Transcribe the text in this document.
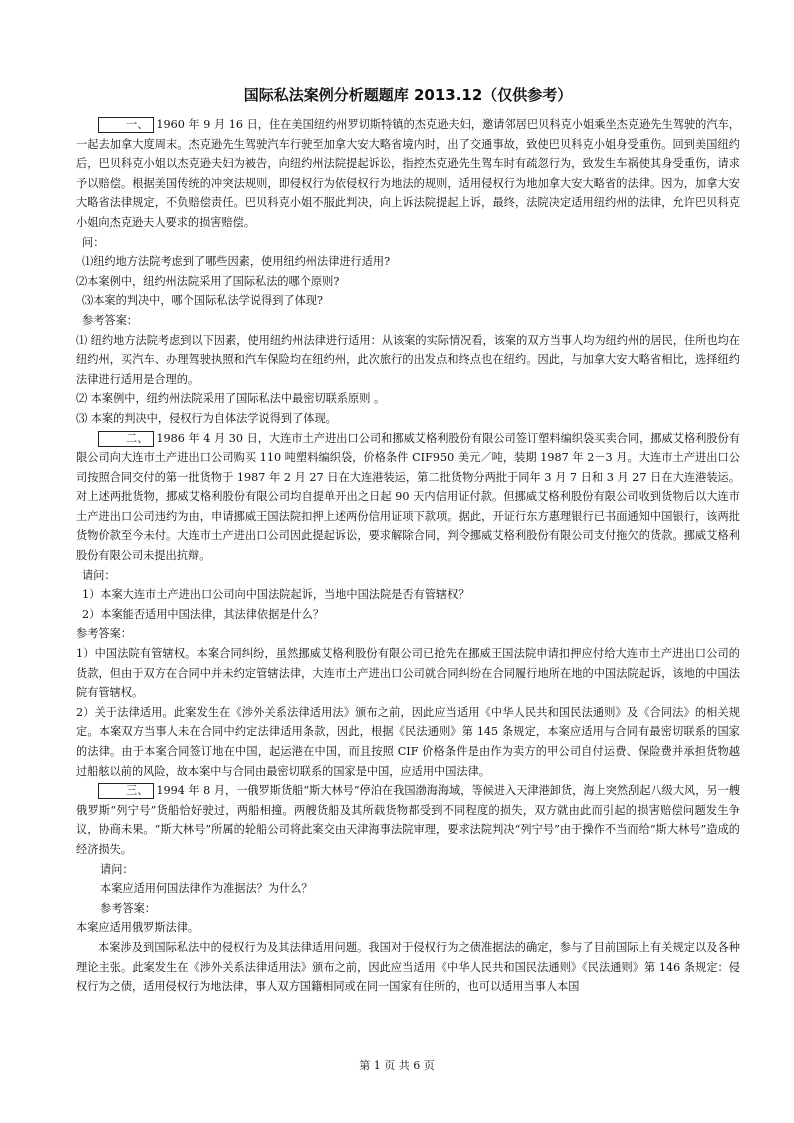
国际私法案例分析题题库 2013.12（仅供参考）

一、 1960 年 9 月 16 日，住在美国纽约州罗切斯特镇的杰克逊夫妇，邀请邻居巴贝科克小姐乘坐杰克逊先生驾驶的汽车，一起去加拿大度周末。杰克逊先生驾驶汽车行驶至加拿大安大略省境内时，出了交通事故，致使巴贝科克小姐身受重伤。回到美国纽约后，巴贝科克小姐以杰克逊夫妇为被告，向纽约州法院提起诉讼，指控杰克逊先生驾车时有疏忽行为，致发生车祸使其身受重伤，请求予以赔偿。根据美国传统的冲突法规则，即侵权行为依侵权行为地法的规则，适用侵权行为地加拿大安大略省的法律。因为，加拿大安大略省法律规定，不负赔偿责任。巴贝科克小姐不服此判决，向上诉法院提起上诉，最终，法院决定适用纽约州的法律，允许巴贝科克小姐向杰克逊夫人要求的损害赔偿。

问：

⑴纽约地方法院考虑到了哪些因素，使用纽约州法律进行适用?

⑵本案例中，纽约州法院采用了国际私法的哪个原则?

⑶本案的判决中，哪个国际私法学说得到了体现?

参考答案：

⑴ 纽约地方法院考虑到以下因素，使用纽约州法律进行适用：从该案的实际情况看，该案的双方当事人均为纽约州的居民，住所也均在纽约州，买汽车、办理驾驶执照和汽车保险均在纽约州，此次旅行的出发点和终点也在纽约。因此，与加拿大安大略省相比，选择纽约法律进行适用是合理的。

⑵ 本案例中，纽约州法院采用了国际私法中最密切联系原则 。

⑶ 本案的判决中，侵权行为自体法学说得到了体现。

二、 1986 年 4 月 30 日，大连市土产进出口公司和挪威艾格利股份有限公司签订塑料编织袋买卖合同，挪威艾格利股份有限公司向大连市土产进出口公司购买 110 吨塑料编织袋，价格条件 CIF950 美元／吨，装期 1987 年 2－3 月。大连市土产进出口公司按照合同交付的第一批货物于 1987 年 2 月 27 日在大连港装运，第二批货物分两批于同年 3 月 7 日和 3 月 27 日在大连港装运。对上述两批货物，挪威艾格利股份有限公司均自提单开出之日起 90 天内信用证付款。但挪威艾格利股份有限公司收到货物后以大连市土产进出口公司违约为由，申请挪威王国法院扣押上述两份信用证项下款项。据此，开证行东方惠理银行已书面通知中国银行，该两批货物价款至今未付。大连市土产进出口公司因此提起诉讼，要求解除合同，判令挪威艾格利股份有限公司支付拖欠的货款。挪威艾格利股份有限公司未提出抗辩。

请问：

1）本案大连市土产进出口公司向中国法院起诉，当地中国法院是否有管辖权？

2）本案能否适用中国法律，其法律依据是什么？

参考答案：

1）中国法院有管辖权。本案合同纠纷，虽然挪威艾格利股份有限公司已抢先在挪威王国法院申请扣押应付给大连市土产进出口公司的货款，但由于双方在合同中并未约定管辖法律，大连市土产进出口公司就合同纠纷在合同履行地所在地的中国法院起诉，该地的中国法院有管辖权。

2）关于法律适用。此案发生在《涉外关系法律适用法》颁布之前，因此应当适用《中华人民共和国民法通则》及《合同法》的相关规定。本案双方当事人未在合同中约定法律适用条款，因此，根据《民法通则》第 145 条规定，本案应适用与合同有最密切联系的国家的法律。由于本案合同签订地在中国，起运港在中国，而且按照 CIF 价格条件是由作为卖方的甲公司自付运费、保险费并承担货物越过船舷以前的风险，故本案中与合同由最密切联系的国家是中国，应适用中国法律。

三、 1994 年 8 月，一俄罗斯货船“斯大林号”停泊在我国渤海海域，等候进入天津港卸货，海上突然刮起八级大风，另一艘俄罗斯“列宁号”货船恰好驶过，两船相撞。两艘货船及其所载货物都受到不同程度的损失，双方就由此而引起的损害赔偿问题发生争议，协商未果。“斯大林号”所属的轮船公司将此案交由天津海事法院审理，要求法院判决“列宁号”由于操作不当而给“斯大林号”造成的经济损失。

请问：

本案应适用何国法律作为准据法？为什么？

参考答案：

本案应适用俄罗斯法律。

本案涉及到国际私法中的侵权行为及其法律适用问题。我国对于侵权行为之债准据法的确定，参与了目前国际上有关规定以及各种理论主张。此案发生在《涉外关系法律适用法》颁布之前，因此应当适用《中华人民共和国民法通则》《民法通则》第 146 条规定：侵权行为之债，适用侵权行为地法律，事人双方国籍相同或在同一国家有住所的，也可以适用当事人本国

第 1 页 共 6 页
